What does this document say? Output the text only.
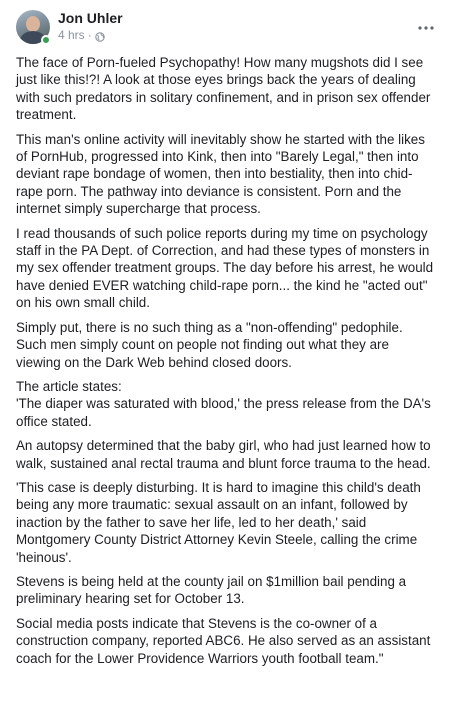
Jon Uhler
4 hrs ·

The face of Porn-fueled Psychopathy! How many mugshots did I see just like this!?! A look at those eyes brings back the years of dealing with such predators in solitary confinement, and in prison sex offender treatment.

This man's online activity will inevitably show he started with the likes of PornHub, progressed into Kink, then into "Barely Legal," then into deviant rape bondage of women, then into bestiality, then into chid-rape porn. The pathway into deviance is consistent. Porn and the internet simply supercharge that process.

I read thousands of such police reports during my time on psychology staff in the PA Dept. of Correction, and had these types of monsters in my sex offender treatment groups. The day before his arrest, he would have denied EVER watching child-rape porn... the kind he "acted out" on his own small child.

Simply put, there is no such thing as a "non-offending" pedophile. Such men simply count on people not finding out what they are viewing on the Dark Web behind closed doors.

The article states:
'The diaper was saturated with blood,' the press release from the DA's office stated.

An autopsy determined that the baby girl, who had just learned how to walk, sustained anal rectal trauma and blunt force trauma to the head.

'This case is deeply disturbing. It is hard to imagine this child's death being any more traumatic: sexual assault on an infant, followed by inaction by the father to save her life, led to her death,' said Montgomery County District Attorney Kevin Steele, calling the crime 'heinous'.

Stevens is being held at the county jail on $1million bail pending a preliminary hearing set for October 13.

Social media posts indicate that Stevens is the co-owner of a construction company, reported ABC6. He also served as an assistant coach for the Lower Providence Warriors youth football team."
